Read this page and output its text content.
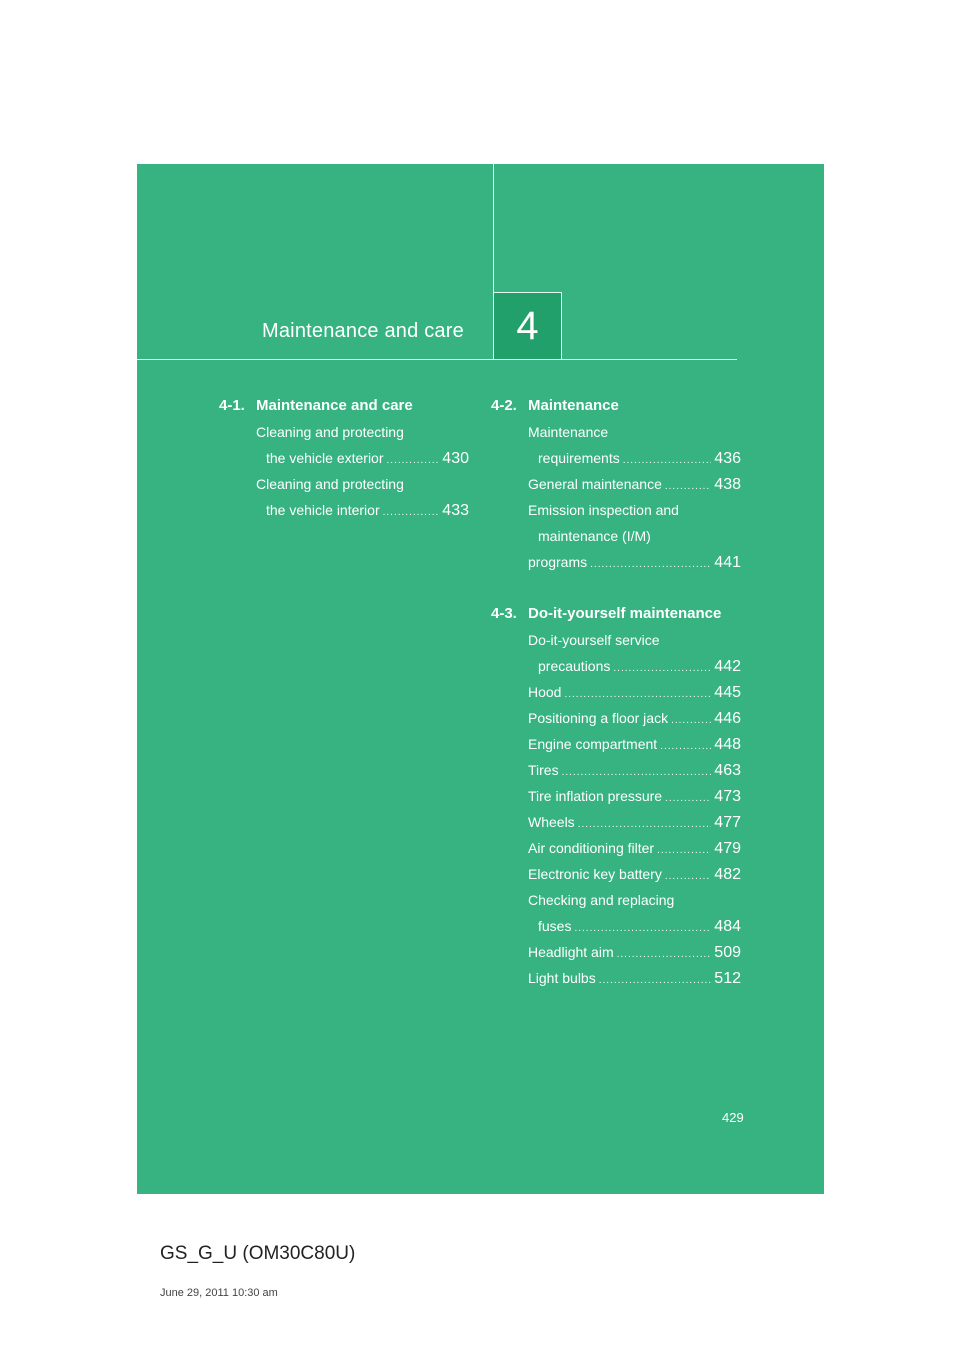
Maintenance and care 4
4-1. Maintenance and care
Cleaning and protecting
the vehicle exterior .....	430
Cleaning and protecting
the vehicle interior .....	433
4-2. Maintenance
Maintenance
requirements .....	436
General maintenance .....	438
Emission inspection and
maintenance (I/M)
programs .....	441
4-3. Do-it-yourself maintenance
Do-it-yourself service
precautions .....	442
Hood .....	445
Positioning a floor jack .....	446
Engine compartment .....	448
Tires .....	463
Tire inflation pressure .....	473
Wheels .....	477
Air conditioning filter .....	479
Electronic key battery .....	482
Checking and replacing
fuses .....	484
Headlight aim .....	509
Light bulbs .....	512
429
GS_G_U (OM30C80U)
June 29, 2011 10:30 am
